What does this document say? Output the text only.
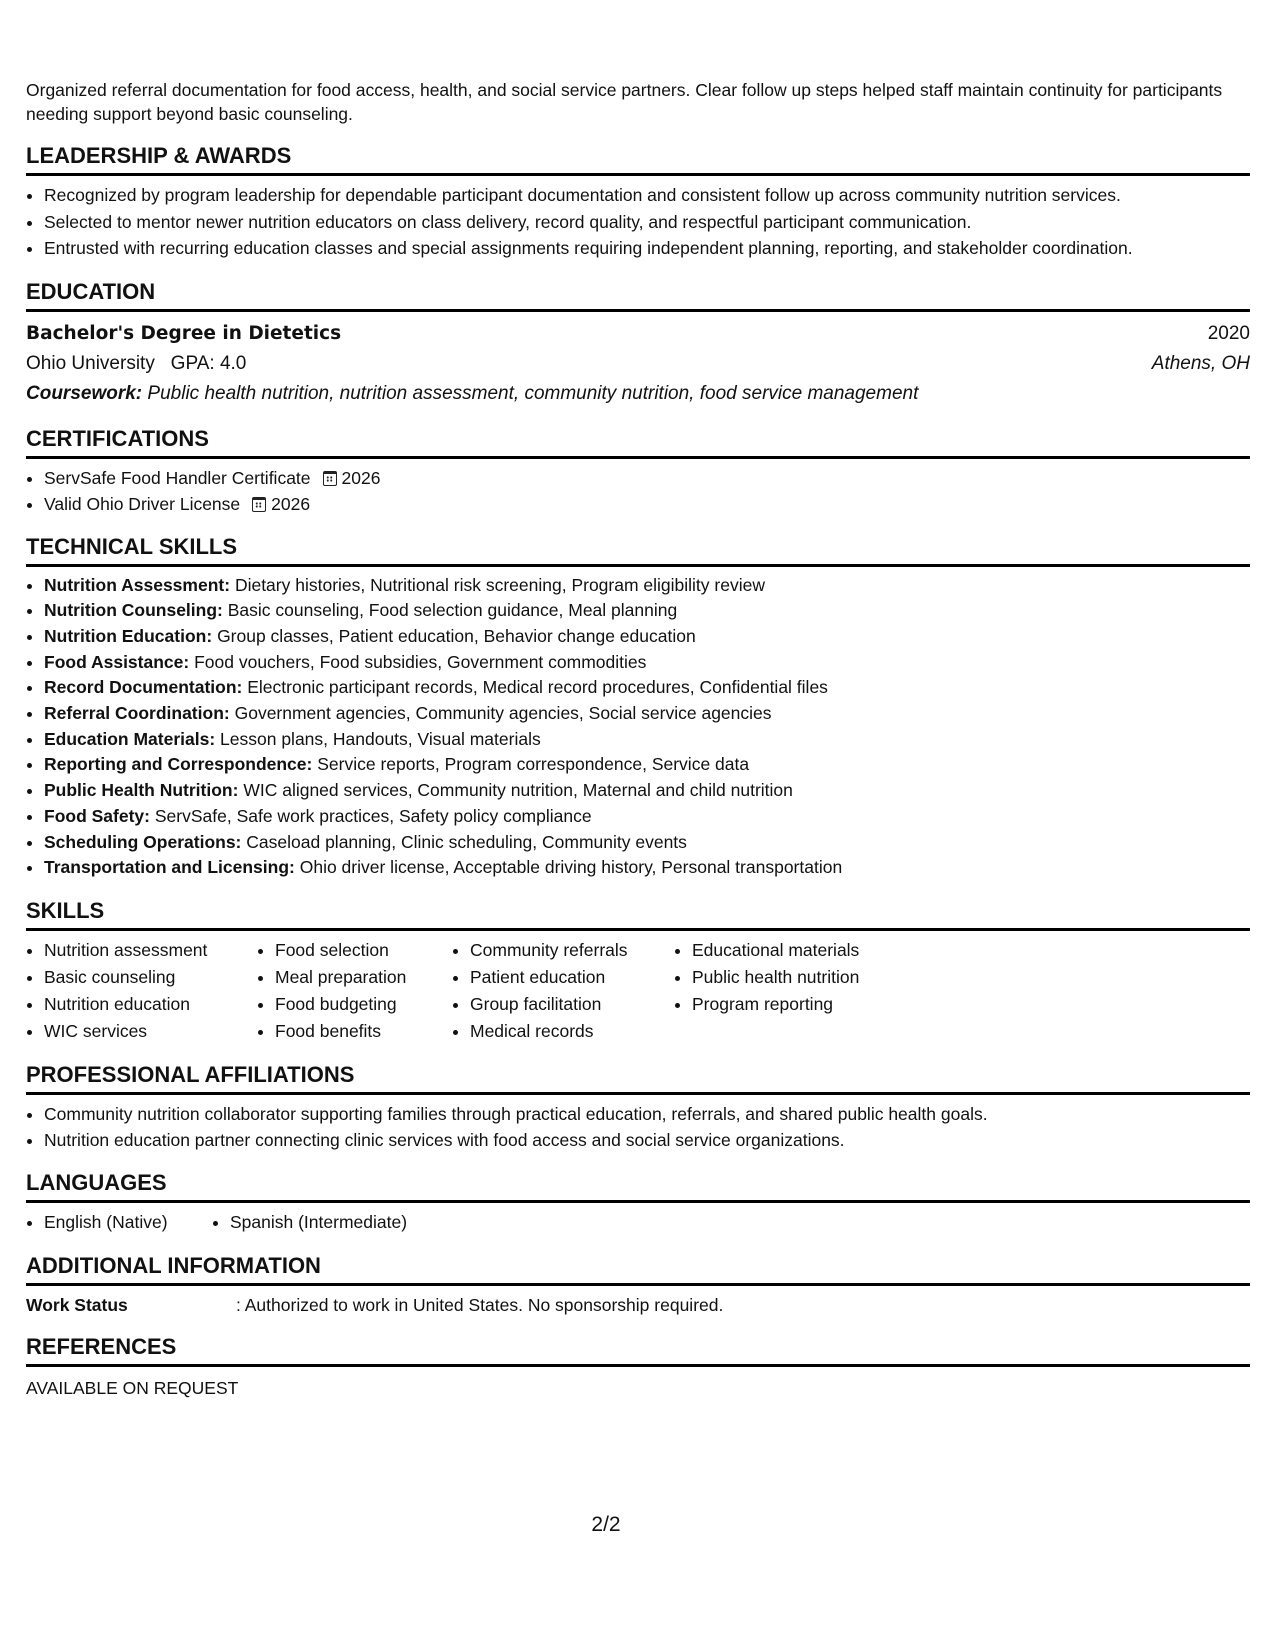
Organized referral documentation for food access, health, and social service partners. Clear follow up steps helped staff maintain continuity for participants needing support beyond basic counseling.

LEADERSHIP & AWARDS
• Recognized by program leadership for dependable participant documentation and consistent follow up across community nutrition services.
• Selected to mentor newer nutrition educators on class delivery, record quality, and respectful participant communication.
• Entrusted with recurring education classes and special assignments requiring independent planning, reporting, and stakeholder coordination.
EDUCATION
Bachelor's Degree in Dietetics	2020
Ohio University GPA: 4.0	Athens, OH
Coursework: Public health nutrition, nutrition assessment, community nutrition, food service management
CERTIFICATIONS
• ServSafe Food Handler Certificate 2026
• Valid Ohio Driver License 2026
TECHNICAL SKILLS
• Nutrition Assessment: Dietary histories, Nutritional risk screening, Program eligibility review
• Nutrition Counseling: Basic counseling, Food selection guidance, Meal planning
• Nutrition Education: Group classes, Patient education, Behavior change education
• Food Assistance: Food vouchers, Food subsidies, Government commodities
• Record Documentation: Electronic participant records, Medical record procedures, Confidential files
• Referral Coordination: Government agencies, Community agencies, Social service agencies
• Education Materials: Lesson plans, Handouts, Visual materials
• Reporting and Correspondence: Service reports, Program correspondence, Service data
• Public Health Nutrition: WIC aligned services, Community nutrition, Maternal and child nutrition
• Food Safety: ServSafe, Safe work practices, Safety policy compliance
• Scheduling Operations: Caseload planning, Clinic scheduling, Community events
• Transportation and Licensing: Ohio driver license, Acceptable driving history, Personal transportation
SKILLS
• Nutrition assessment
• Basic counseling
• Nutrition education
• WIC services
• Food selection
• Meal preparation
• Food budgeting
• Food benefits
• Community referrals
• Patient education
• Group facilitation
• Medical records
• Educational materials
• Public health nutrition
• Program reporting
PROFESSIONAL AFFILIATIONS
• Community nutrition collaborator supporting families through practical education, referrals, and shared public health goals.
• Nutrition education partner connecting clinic services with food access and social service organizations.
LANGUAGES
• English (Native)
•	Spanish (Intermediate)
ADDITIONAL INFORMATION
Work Status	: Authorized to work in United States. No sponsorship required.
REFERENCES
AVAILABLE ON REQUEST
2/2
